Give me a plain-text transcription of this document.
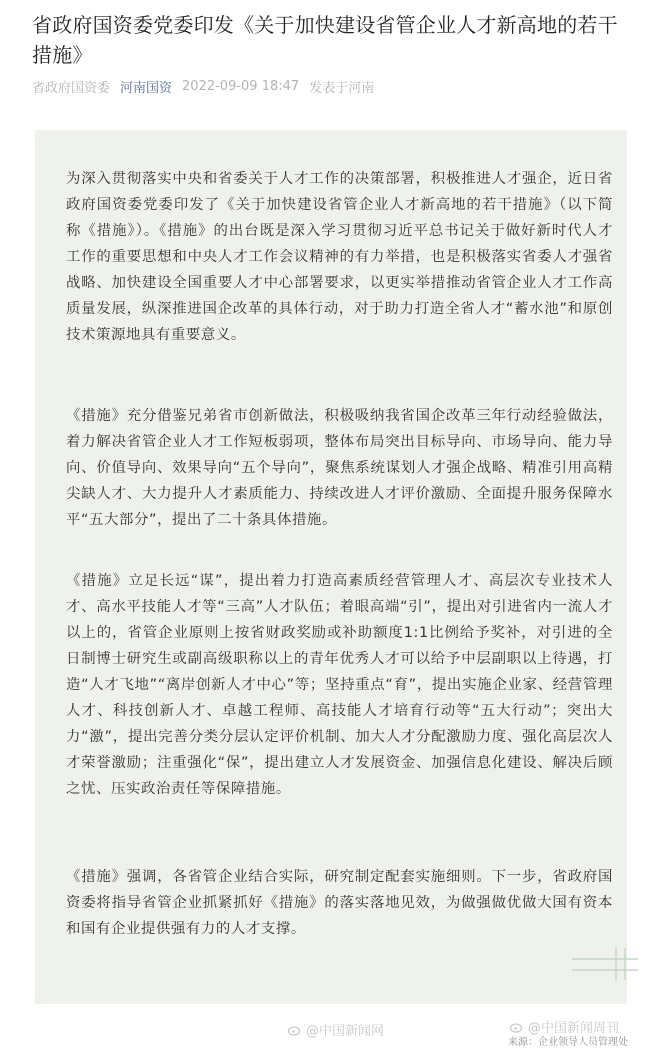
省政府国资委党委印发《关于加快建设省管企业人才新高地的若干措施》
省政府国资委 河南国资 2022-09-09 18:47 发表于河南

为深入贯彻落实中央和省委关于人才工作的决策部署，积极推进人才强企，近日省政府国资委党委印发了《关于加快建设省管企业人才新高地的若干措施》（以下简称《措施》）。《措施》的出台既是深入学习贯彻习近平总书记关于做好新时代人才工作的重要思想和中央人才工作会议精神的有力举措，也是积极落实省委人才强省战略、加快建设全国重要人才中心部署要求，以更实举措推动省管企业人才工作高质量发展，纵深推进国企改革的具体行动，对于助力打造全省人才“蓄水池”和原创技术策源地具有重要意义。

《措施》充分借鉴兄弟省市创新做法，积极吸纳我省国企改革三年行动经验做法，着力解决省管企业人才工作短板弱项，整体布局突出目标导向、市场导向、能力导向、价值导向、效果导向“五个导向”，聚焦系统谋划人才强企战略、精准引用高精尖缺人才、大力提升人才素质能力、持续改进人才评价激励、全面提升服务保障水平“五大部分”，提出了二十条具体措施。

《措施》立足长远“谋”，提出着力打造高素质经营管理人才、高层次专业技术人才、高水平技能人才等“三高”人才队伍；着眼高端“引”，提出对引进省内一流人才以上的，省管企业原则上按省财政奖励或补助额度1:1比例给予奖补，对引进的全日制博士研究生或副高级职称以上的青年优秀人才可以给予中层副职以上待遇，打造“人才飞地”“离岸创新人才中心”等；坚持重点“育”，提出实施企业家、经营管理人才、科技创新人才、卓越工程师、高技能人才培育行动等“五大行动”；突出大力“激”，提出完善分类分层认定评价机制、加大人才分配激励力度、强化高层次人才荣誉激励；注重强化“保”，提出建立人才发展资金、加强信息化建设、解决后顾之忧、压实政治责任等保障措施。

《措施》强调，各省管企业结合实际，研究制定配套实施细则。下一步，省政府国资委将指导省管企业抓紧抓好《措施》的落实落地见效，为做强做优做大国有资本和国有企业提供强有力的人才支撑。

@中国新闻网	@中国新闻周刊
来源：企业领导人员管理处
